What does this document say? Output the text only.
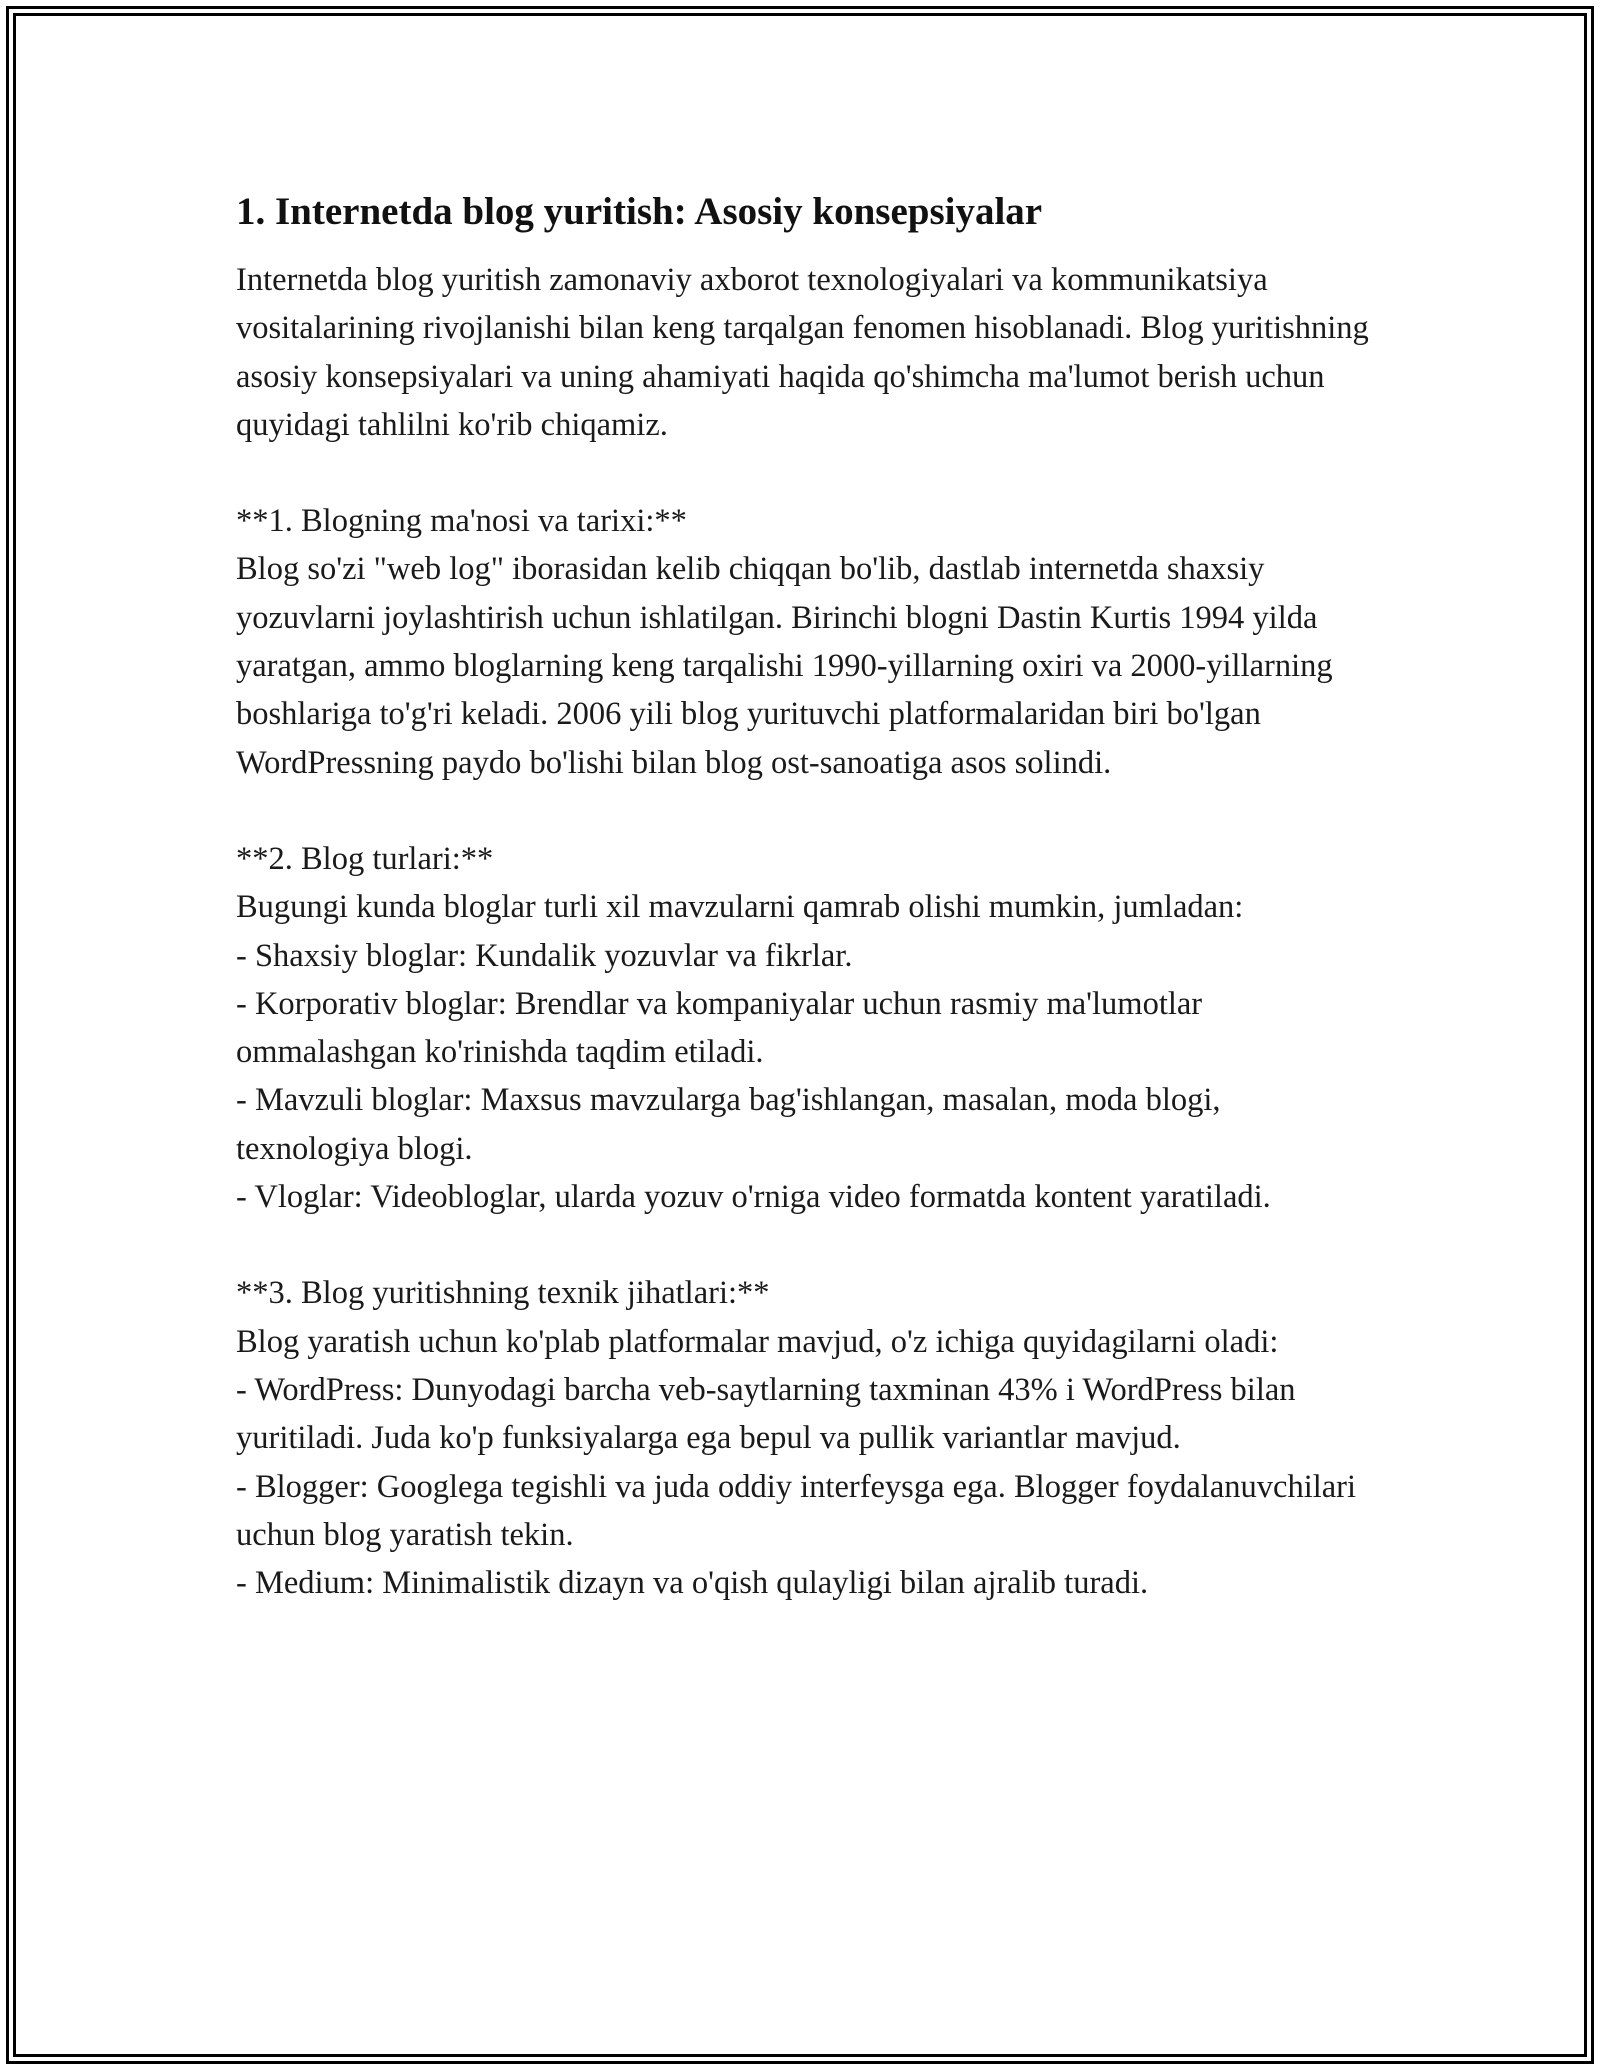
1. Internetda blog yuritish: Asosiy konsepsiyalar

Internetda blog yuritish zamonaviy axborot texnologiyalari va kommunikatsiya vositalarining rivojlanishi bilan keng tarqalgan fenomen hisoblanadi. Blog yuritishning asosiy konsepsiyalari va uning ahamiyati haqida qo'shimcha ma'lumot berish uchun quyidagi tahlilni ko'rib chiqamiz.

**1. Blogning ma'nosi va tarixi:**

Blog so'zi "web log" iborasidan kelib chiqqan bo'lib, dastlab internetda shaxsiy yozuvlarni joylashtirish uchun ishlatilgan. Birinchi blogni Dastin Kurtis 1994 yilda yaratgan, ammo bloglarning keng tarqalishi 1990-yillarning oxiri va 2000-yillarning boshlariga to'g'ri keladi. 2006 yili blog yurituvchi platformalaridan biri bo'lgan WordPressning paydo bo'lishi bilan blog ost-sanoatiga asos solindi.

**2. Blog turlari:**

Bugungi kunda bloglar turli xil mavzularni qamrab olishi mumkin, jumladan:

- Shaxsiy bloglar: Kundalik yozuvlar va fikrlar.

- Korporativ bloglar: Brendlar va kompaniyalar uchun rasmiy ma'lumotlar ommalashgan ko'rinishda taqdim etiladi.

- Mavzuli bloglar: Maxsus mavzularga bag'ishlangan, masalan, moda blogi, texnologiya blogi.

- Vloglar: Videobloglar, ularda yozuv o'rniga video formatda kontent yaratiladi.

**3. Blog yuritishning texnik jihatlari:**

Blog yaratish uchun ko'plab platformalar mavjud, o'z ichiga quyidagilarni oladi:

- WordPress: Dunyodagi barcha veb-saytlarning taxminan 43% i WordPress bilan yuritiladi. Juda ko'p funksiyalarga ega bepul va pullik variantlar mavjud.

- Blogger: Googlega tegishli va juda oddiy interfeysga ega. Blogger foydalanuvchilari uchun blog yaratish tekin.

- Medium: Minimalistik dizayn va o'qish qulayligi bilan ajralib turadi.
